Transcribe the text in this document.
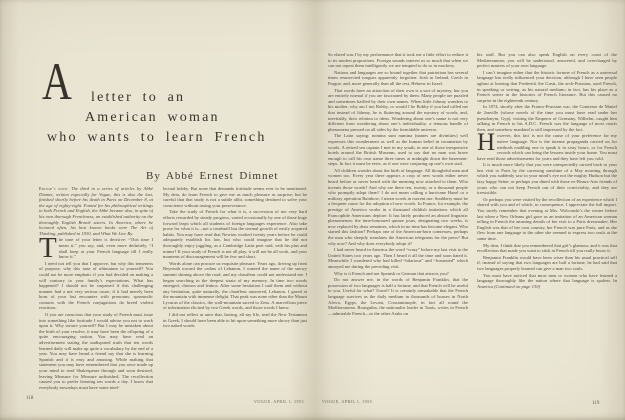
A letter to an
American woman
who wants to learn French
By Abbé Ernest Dimnet

Editor’s note: The third in a series of articles by Abbé Dimnet, written especially for Vogue, this is also the last, finished shortly before his death in Paris on December 8, at the age of eighty-eight. Famed for his philosophical writings in both French and English, the Abbé became also, in spite of his own thorough Frenchness, an established authority on the thoroughly English Brontë sisters. In America, where he lectured often, his best known books were The Art of Thinking, published in 1930, and What We Live By.

The tone of your letter is decisive: “This time I mean it,” you say, and, even more definitely, “I shall keep at your French language till I really know it.”

I need not tell you that I approve, but why this tenseness of purpose, why this tone of ultimatum to yourself? You could not be more emphatic if you had decided on making a will contrary to your family’s expectations. What has happened? I should not be surprised if this challenging manner had a not very serious cause, if it had merely been born of your last encounter with pronouns: spasmodic contacts with the French conjugations do breed violent reactions.

If you are conscious that your study of French must issue into something like fortitude I would advise you not to work upon it. Why torture yourself? But I may be mistaken about the birth of your resolve; it may have been the offspring of a quite encouraging notion. You may have read an advertisement stating the undisputed truth that ten words learned daily will make up quite a vocabulary by the end of a year. You may have heard a friend say that she is learning Spanish and it is easy and amusing. While making that statement you may have remembered that you once made up your mind to read Shakespeare through and soon desisted, leaving Measure for Measure unfinished. The recollection caused you to prefer learning ten words a day. I know that everybody nowadays must have some intel-

lectual hobby. But none that demands fortitude seems ever to be mentioned. My dear, do learn French to give me as much pleasure as surprise; but be careful that that study is not a subtle alibi, something destined to solve your conscience without taxing your perseverance.

Take the study of French for what it is, a succession of not very hard efforts rewarded by steady progress, varied occasionally by one of those huge forward leaps which all students of foreign languages experience. Also take prose for what it is—not a treadmill but the normal growth of easily acquired habits. You may have read that Newton worked twenty years before he could adequately establish his law, but who could imagine that he did not thoroughly enjoy juggling, as a Cambridge Latin poet said, with his plus and minus? If your study of French is not all play, it will not be all work, and your moments of discouragement will be few and short.

Words alone can procure us exquisite pleasure. Years ago, driving up from Beyrouth toward the cedars of Lebanon, I wanted the name of the snowy summit shining above the road, and my chauffeur could not understand me. I began searching in the deepest strata of my memory. In time two words emerged, chionos and leukos. After some hesitation I said them and without any hesitation, quite naturally, the chauffeur answered, Lebanon. I gazed at the mountain with immense delight. That peak was none other than the Mount Lycurus of the classics, the wall-mountain sacred to Zeus. A marvellous piece of information elicited by two Greek words, and those words I knew.

I did not reflect at once that, having, all my life, read the New Testament in Greek, I should have been able to hit upon something more showy than just two naked words.

118
VOGUE, APRIL 1, 1955

So elated was I by my performance that it took me a little effort to reduce it to its modest proportions. Foreign sounds interest us so much that when we can not repeat them intelligently we are tempted to do so in mockery.

Nations and languages are so bound together that patriotism has several times resurrected tongues apparently forgotten: Irish in Ireland, Czech in Prague, and, more generally than all the rest, Hebrew in Israel.

That words have an attraction of their own is a sort of mystery, but you are entirely normal if you are fascinated by them. Many people are puzzled and sometimes baffled by their own names. When little Johnny wonders to his mother, why am I not Bobby, or would I be Bobby if you had called me that instead of Johnny, he is fluttering around the mystery of words, and, inevitably, their relation to ideas. Wondering about one’s name is not very different from wondering about one’s individuality: a tenuous handle of phenomena pressed on all sides by the formidable universe.

The Latin saying: nomina sunt numina (names are divinities) well expresses this wonderment as well as the human belief in incantation by words. A retired sea captain I met in my youth, in one of those inexpensive hotels around the British Museum, used to say that no man was brave enough to call his own name three times at midnight down the basement-steps. In fact it must be eerie, as if one were conjuring up one’s own soul.

All children wonder about the birth of language. All thoughtful men and women too. Every year there appears a crop of new words either never heard before or never heard with the meaning now attached to them. Who invents those words? And why are there ten, twenty, or a thousand people who promptly adopt them? I do not mean calling a hurricane Hazel or a military operation Rainbow; I mean words in current use. Snobbery must be a frequent cause for the adoption of new words. In France, for example, the prestige of America works in a thousand childish imitations which all Francophile Americans deplore. It has lately produced an absurd linguistic phenomenon: the time-honoured quinze jours, designating two weeks, is now replaced by deux semaines, which in no time has become elegant. Who started this fashion? Perhaps one of the American-born comtesses, perhaps the man who sleepily translates the American telegrams for the press? But why now? And why does everybody adopt it?

I had never heard in America the word “crazy” before my last visit to the United States two years ago. Then I heard it all the time and soon hated it. Meanwhile I wondered who had killed “hilarious” and “frustrated” which annoyed me during the preceding visit.

Why is it French and not Spanish or German that attracts you?

Do not answer me, in the words of Benjamin Franklin, that the possession of two languages is half a fortune, and that French will be useful to you. Useful for what? Travel? It is certainly remarkable that the French language survives as the daily medium in thousands of houses in North Africa, Egypt, the Levant, Constantinople, in fact all round the Mediterranean. Bourguiba, the nationalist leader in Tunis, writes in French—admirable French—to the other Arabs on

his staff. But you can also speak English on every coast of the Mediterranean; you will be understood, answered, and overcharged by perfect masters of your own language.

I can’t imagine either that the historic fortune of French as a universal language has really influenced your decision, although I have seen people aghast at hearing that Frederick the Great, the arch-Prussian, used French, in speaking or writing, as his natural medium; in fact, has his place as a French writer in the histories of French literature. But this caused no surprise in the eighteenth century.

In 1874, shortly after the Franco-Prussian war, the Comtesse de Martel de Janville (whose novels of the time you must have read under her pseudonym, Gyp), visiting the Emperor of Germany, Wilhelm, caught him talking in French to his A.D.C. French was the language of most courts then, and somehow mankind is still impressed by the fact.

However, this fact is not the cause of your preference for my native language. Nor is the intense propaganda carried on for methods enabling one to speak it in sixty hours, or for French records which can bring the lessons inside your home. You must have read those advertisements for years and they have left you cold.

It is much more likely that you were unexpectedly carried back to your last visit to Paris by the caressing sunshine of a May morning through which you suddenly saw in your mind’s eye not the mighty Hudson but the lazy happy Seine; or perhaps you dined with those ex-Beaux-Arts friends of yours who can not keep French out of their conviviality, and they are irresistible.

Or perhaps you were visited by the recollection of an experience which I shared with you and of which, in consequence, I appreciate the full import. You surely remember that evening at Mrs. Wolconski’s the winter before last when a New Orleans girl gave us an imitation of an American woman telling in French the amusing details of her visit to a Paris dressmaker. Her English was that of her own country, her French was pure Paris, and as she flew from one language to the other she seemed to express two souls at the same time.

My dear, I think that you remembered that girl’s glamour, and it was that recollection that made you want to stick at French till you really know it.

Benjamin Franklin would have been wiser than his usual practical self if, instead of saying that two languages are half a fortune, he had said that two languages properly learned can give a man two souls.

You must have noticed that most men or women who have learned a language thoroughly like the nation where that language is spoken. In America (Continued on page 130)

VOGUE, APRIL 1, 1955	119
